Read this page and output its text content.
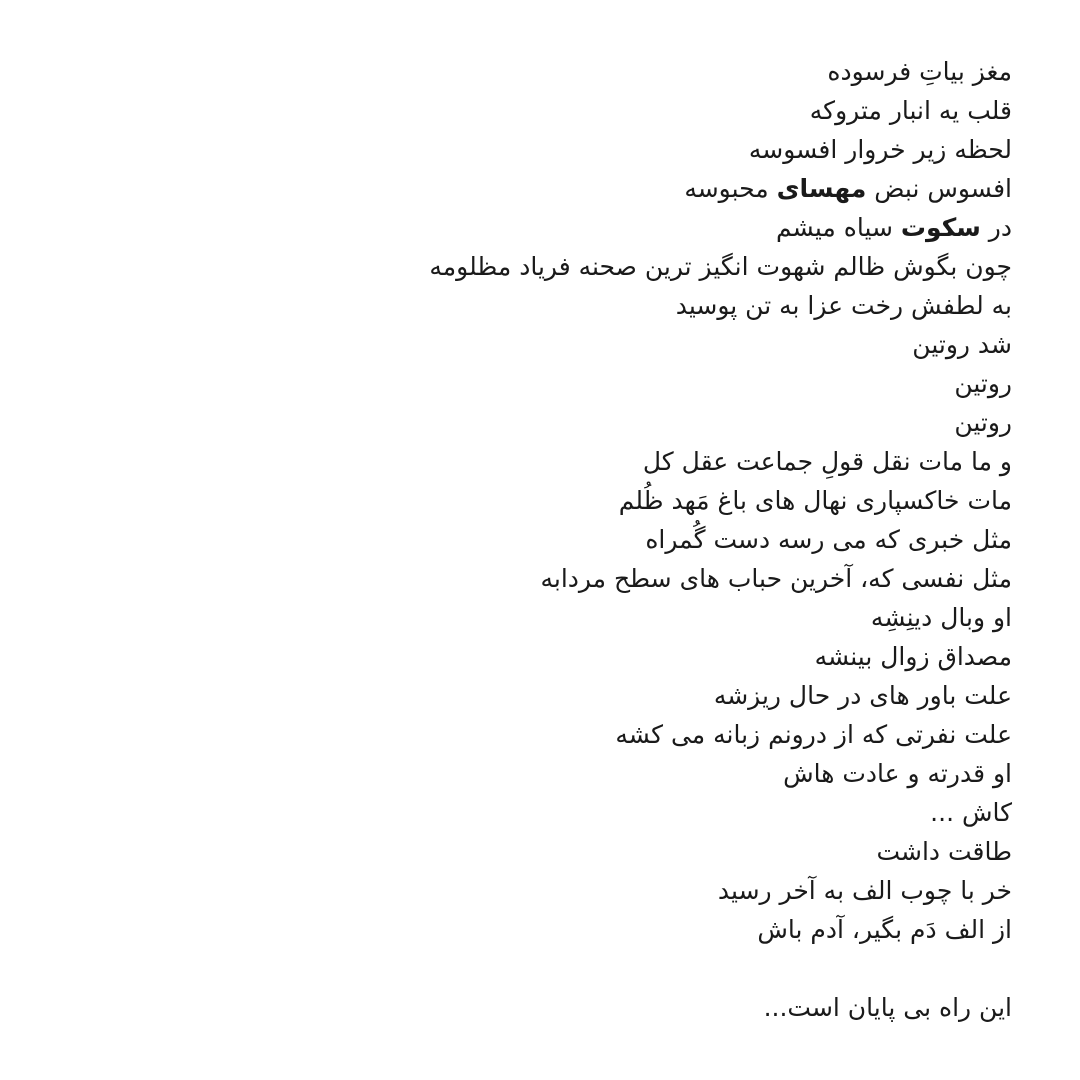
مغز بیاتِ فرسوده
قلب یه انبار متروکه
لحظه زیر خروار افسوسه
افسوس نبض مهسای محبوسه
در سکوت سیاه میشم
چون بگوش ظالم شهوت انگیز ترین صحنه فریاد مظلومه
به لطفش رخت عزا به تن پوسید
شد روتین
روتین
روتین
و ما مات نقل قولِ جماعت عقل کل
مات خاکسپاری نهال های باغ مَهد ظُلم
مثل خبری که می رسه دست گُمراه
مثل نفسی که، آخرین حباب های سطح مردابه
او وبال دینِشِه
مصداق زوال بینشه
علت باور های در حال ریزشه
علت نفرتی که از درونم زبانه می کشه
او قدرته و عادت هاش
کاش ...
طاقت داشت
خر با چوب الف به آخر رسید
از الف دَم بگیر، آدم باش
این راه بی پایان است...
